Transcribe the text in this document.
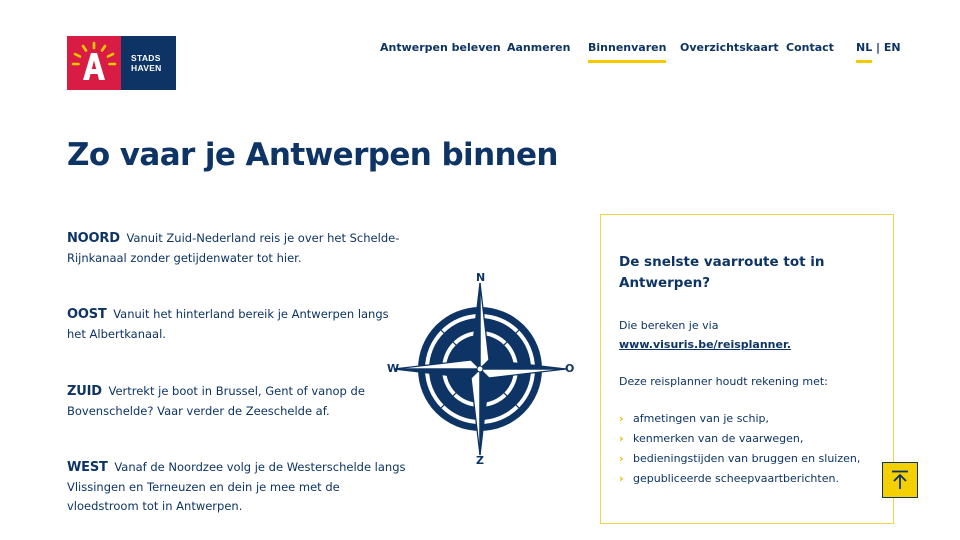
STADS
HAVEN
Antwerpen beleven Aanmeren Binnenvaren Overzichtskaart Contact NL | EN
Zo vaar je Antwerpen binnen

NOORD Vanuit Zuid-Nederland reis je over het Schelde-Rijnkanaal zonder getijdenwater tot hier.

OOST Vanuit het hinterland bereik je Antwerpen langs het Albertkanaal.

ZUID Vertrekt je boot in Brussel, Gent of vanop de Bovenschelde? Vaar verder de Zeeschelde af.

WEST Vanaf de Noordzee volg je de Westerschelde langs Vlissingen en Terneuzen en dein je mee met de vloedstroom tot in Antwerpen.

N
O
Z
W
De snelste vaarroute tot in Antwerpen?

Die bereken je via
www.visuris.be/reisplanner.

Deze reisplanner houdt rekening met:

› afmetingen van je schip,
› kenmerken van de vaarwegen,
› bedieningstijden van bruggen en sluizen,
› gepubliceerde scheepvaartberichten.
